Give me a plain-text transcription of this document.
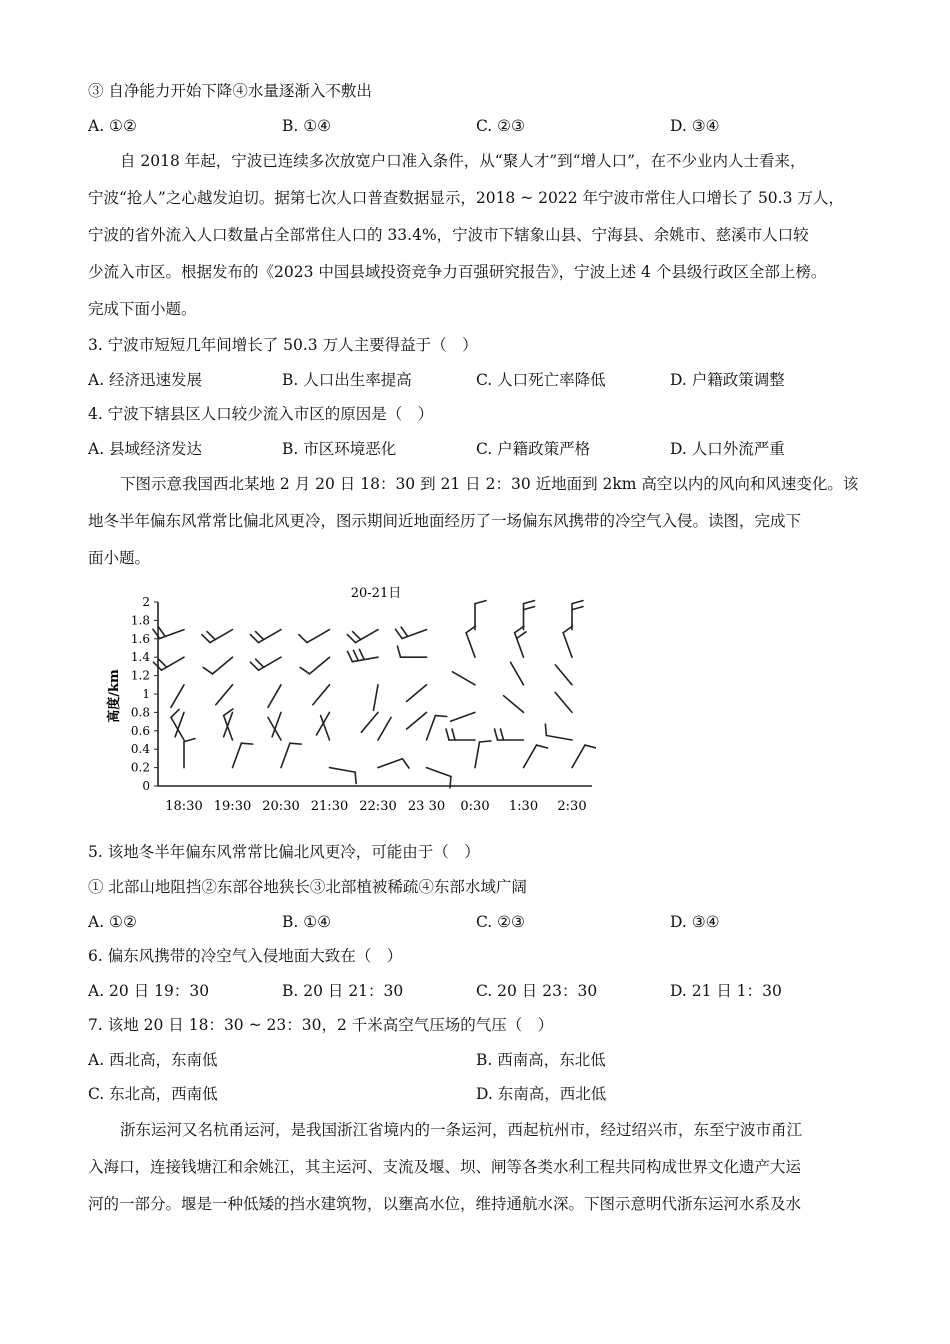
③ 自净能力开始下降④水量逐渐入不敷出
A. ①②	B. ①④	C. ②③	D. ③④
自 2018 年起，宁波已连续多次放宽户口准入条件，从“聚人才”到“增人口”，在不少业内人士看来，
宁波“抢人”之心越发迫切。据第七次人口普查数据显示，2018 ~ 2022 年宁波市常住人口增长了 50.3 万人，
宁波的省外流入人口数量占全部常住人口的 33.4%，宁波市下辖象山县、宁海县、余姚市、慈溪市人口较
少流入市区。根据发布的《2023 中国县域投资竞争力百强研究报告》，宁波上述 4 个县级行政区全部上榜。
完成下面小题。
3. 宁波市短短几年间增长了 50.3 万人主要得益于（　）
A. 经济迅速发展	B. 人口出生率提高	C. 人口死亡率降低	D. 户籍政策调整
4. 宁波下辖县区人口较少流入市区的原因是（　）
A. 县域经济发达	B. 市区环境恶化	C. 户籍政策严格	D. 人口外流严重
下图示意我国西北某地 2 月 20 日 18：30 到 21 日 2：30 近地面到 2km 高空以内的风向和风速变化。该
地冬半年偏东风常常比偏北风更冷，图示期间近地面经历了一场偏东风携带的冷空气入侵。读图，完成下
面小题。
20-21日
高度/km
0
0.2
0.4
0.6
0.8
1
1.2
1.4
1.6
1.8
2
18:30 19:30 20:30 21:30 22:30 23 30 0:30 1:30 2:30
5. 该地冬半年偏东风常常比偏北风更冷，可能由于（　）
① 北部山地阻挡②东部谷地狭长③北部植被稀疏④东部水域广阔
A. ①②	B. ①④	C. ②③	D. ③④
6. 偏东风携带的冷空气入侵地面大致在（　）
A. 20 日 19：30	B. 20 日 21：30	C. 20 日 23：30	D. 21 日 1：30
7. 该地 20 日 18：30 ~ 23：30，2 千米高空气压场的气压（　）
A. 西北高，东南低	B. 西南高，东北低
C. 东北高，西南低	D. 东南高，西北低
浙东运河又名杭甬运河，是我国浙江省境内的一条运河，西起杭州市，经过绍兴市，东至宁波市甬江
入海口，连接钱塘江和余姚江，其主运河、支流及堰、坝、闸等各类水利工程共同构成世界文化遗产大运
河的一部分。堰是一种低矮的挡水建筑物，以壅高水位，维持通航水深。下图示意明代浙东运河水系及水
